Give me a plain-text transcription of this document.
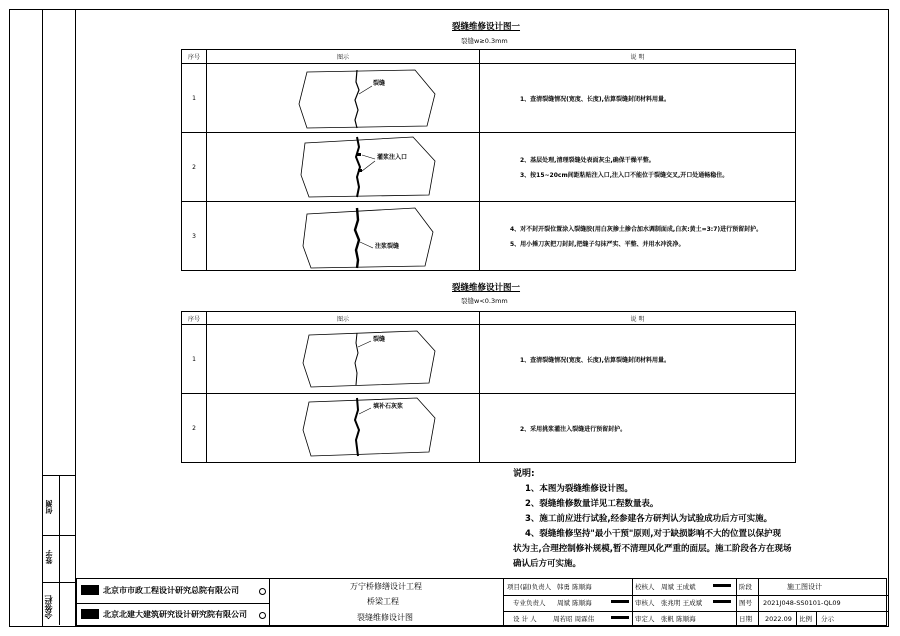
何测
签字
会签栏
裂缝维修设计图一
裂缝w≥0.3mm
序号	图示	说 明
1	裂缝	1、查清裂缝情况(宽度、长度),估算裂缝封闭材料用量。

2	灌浆注入口	2、基层处理,清理裂缝处表面灰尘,确保干燥平整。
3、按15~20cm间距粘贴注入口,注入口不能位于裂缝交叉,开口处通畅稳住。

3	注浆裂缝	4、对不封开裂位置涂入裂缝胶(用白灰掺土掺合加水调制面成,白灰:黄土=3:7)进行预留封护。
5、用小捶刀灰把刀封封,把缝子勾抹严实、平整、并用水冲洗净。
裂缝维修设计图一
裂缝w<0.3mm
序号	图示	说 明
1	裂缝	1、查清裂缝情况(宽度、长度),估算裂缝封闭材料用量。

2	填补石灰浆	2、采用挑浆灌注入裂缝进行预留封护。
说明:
1、本图为裂缝维修设计图。
2、裂缝维修数量详见工程数量表。
3、施工前应进行试验,经参建各方研判认为试验成功后方可实施。
4、裂缝维修坚持"最小干预"原则,对于缺损影响不大的位置以保护现
状为主,合理控制修补规模,暂不清理风化严重的面层。施工阶段各方在现场
确认后方可实施。
北京市市政工程设计研究总院有限公司
北京北建大建筑研究设计研究院有限公司
万宁桥修缮设计工程
桥梁工程
裂缝维修设计图
项目(副)负责人 韩勇 陈顺海
专业负责人 周斌 陈顺海
设 计 人	周若昭 周霖伟
校核人 周斌 王成斌
审核人 张兆明 王成斌
审定人 张帆 陈顺海
阶段	施工图设计
图号 2021J048-SS0101-QL09
日期 2022.09 比例 分示
